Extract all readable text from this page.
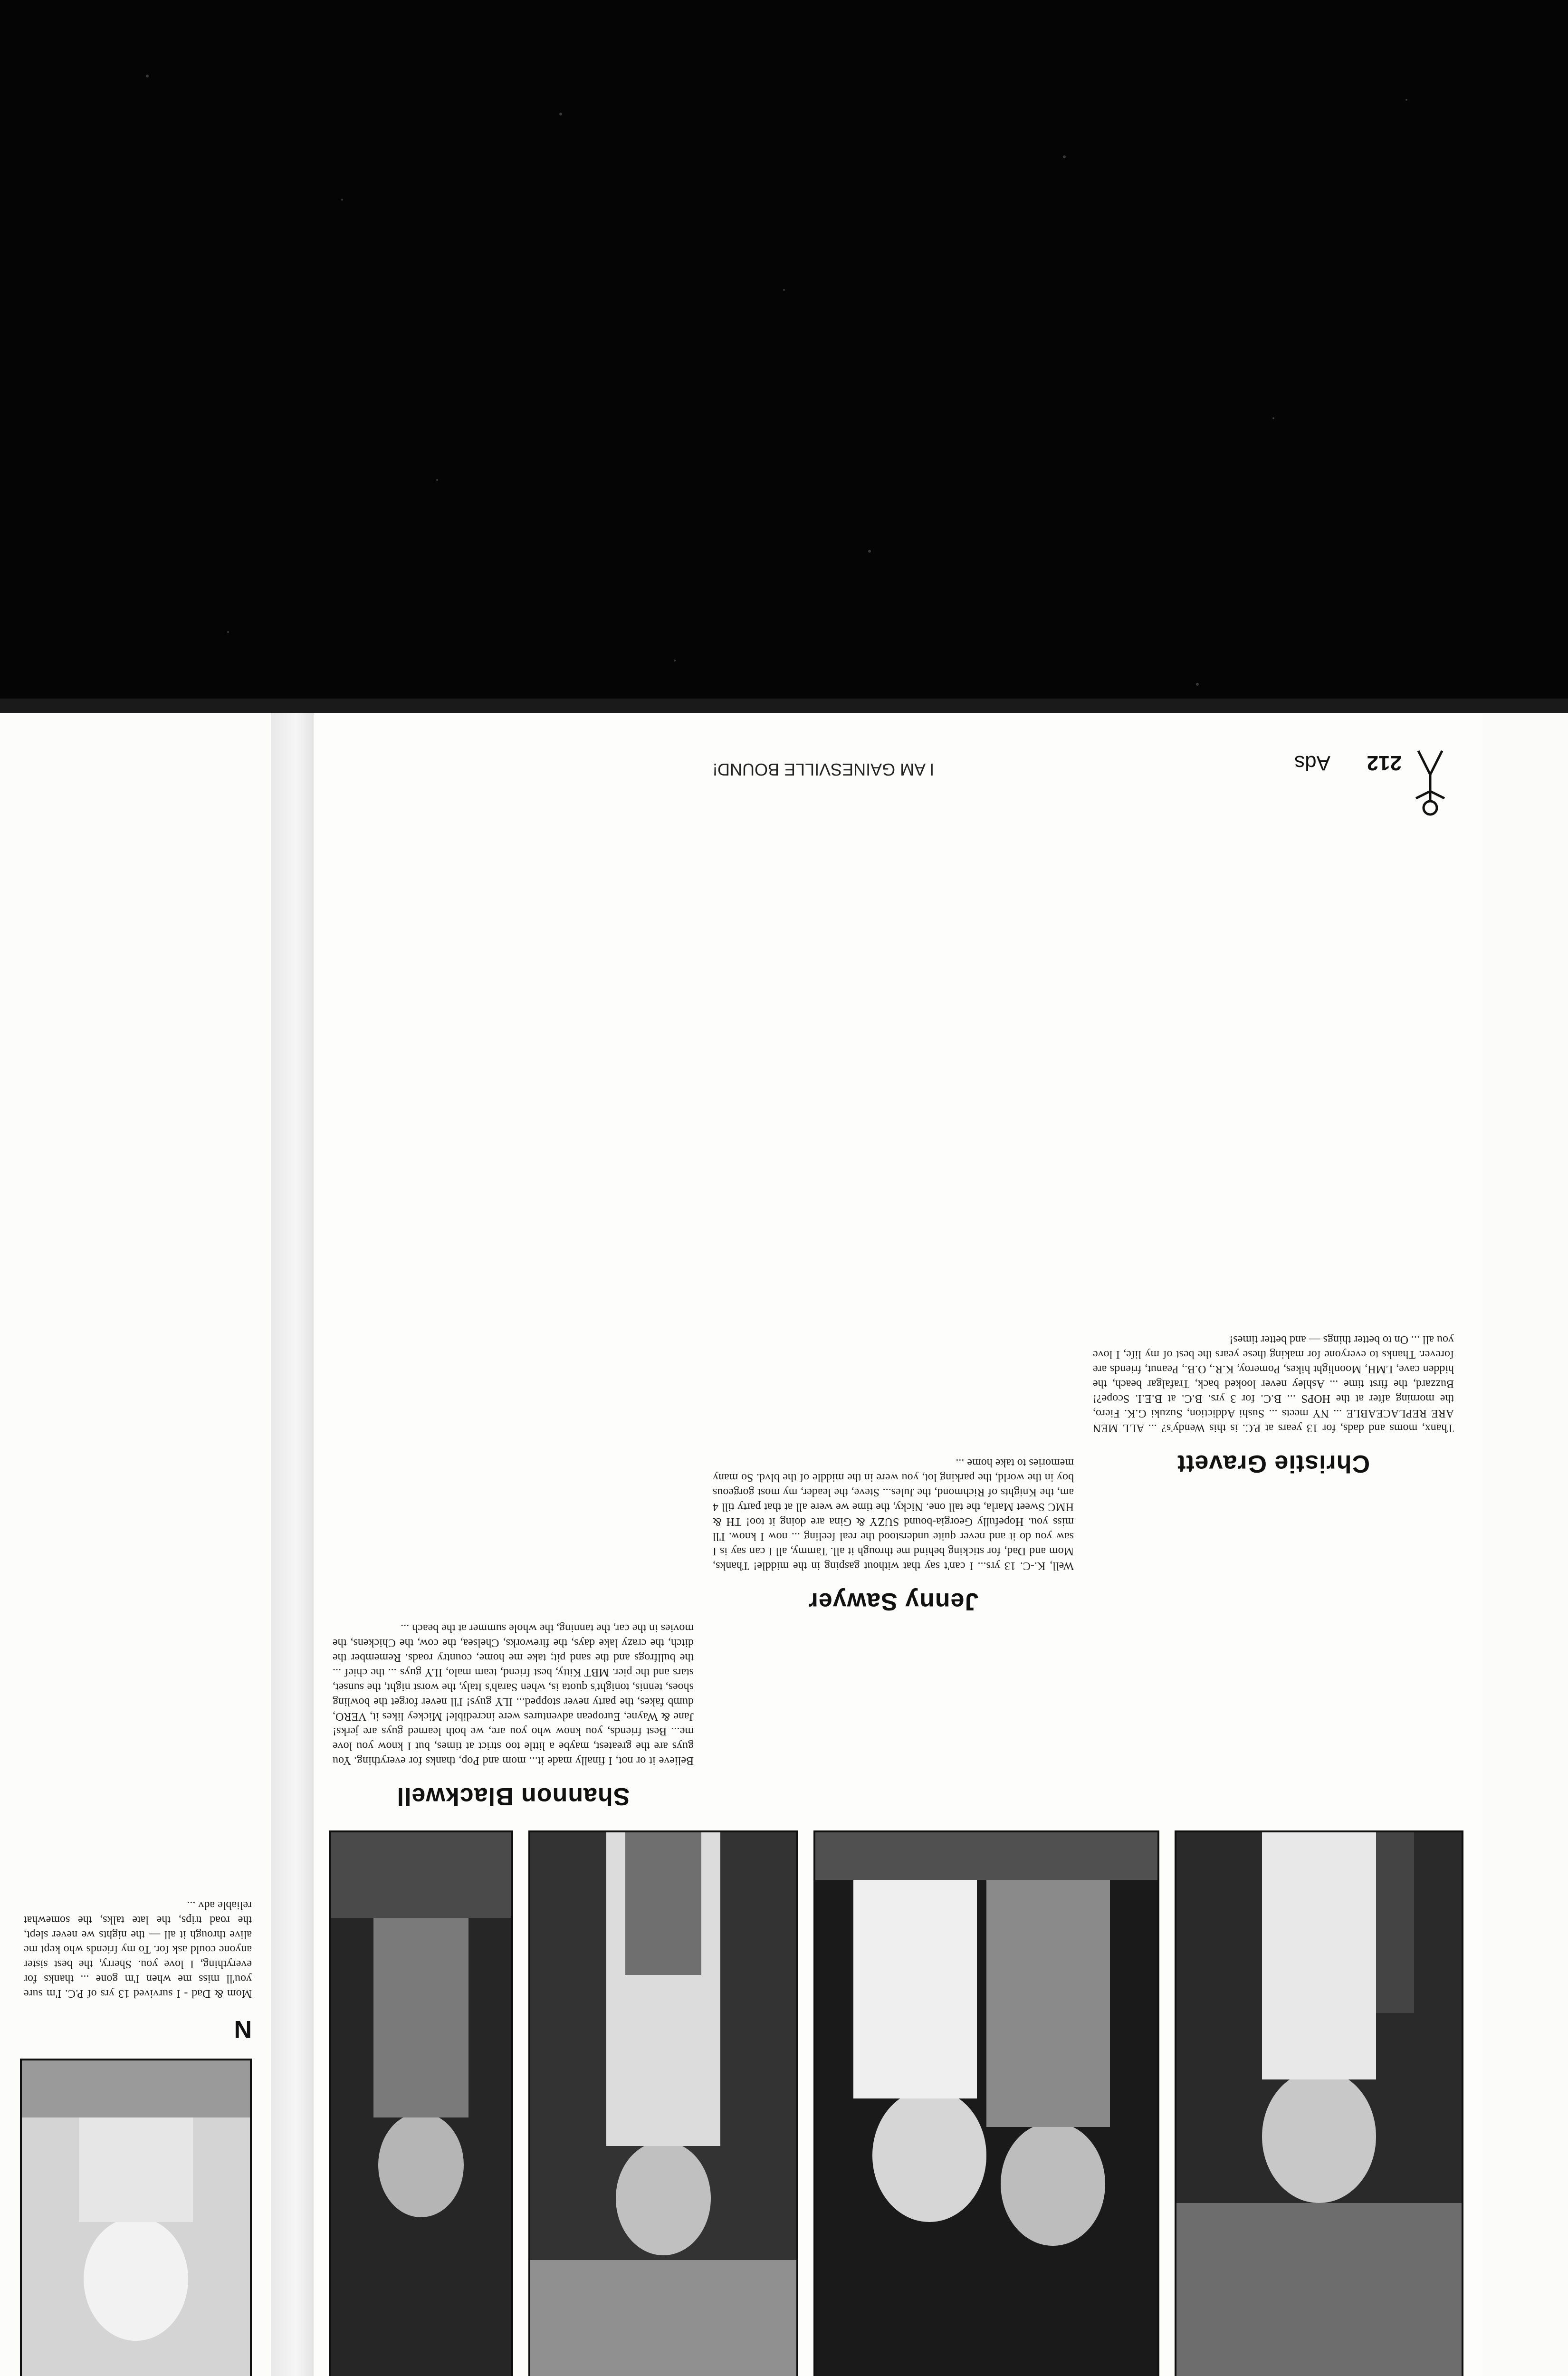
Shannon Blackwell
Jenny Sawyer
Christie Gravett

Believe it or not, I finally made it... mom and Pop, thanks for everything. You guys are the greatest, maybe a little too strict at times, but I know you love me... Best friends, you know who you are, we both learned guys are jerks! Jane & Wayne, European adventures were incredible! Mickey likes it, VERO, dumb fakes, the party never stopped... ILY guys! I'll never forget the bowling shoes, tennis, tonight's quota is, when Sarah's Italy, the worst night, the sunset, stars and the pier. MBT Kitty, best friend, team malo, ILY guys ... the chief ... the bullfrogs and the sand pit; take me home, country roads. Remember the ditch, the crazy lake days, the fireworks, Chelsea, the cow, the Chickens, the movies in the car, the tanning, the whole summer at the beach ...

Well, K.-C. 13 yrs... I can't say that without gasping in the middle! Thanks, Mom and Dad, for sticking behind me through it all. Tammy, all I can say is I saw you do it and never quite understood the real feeling ... now I know. I'll miss you. Hopefully Georgia-bound SUZY & Gina are doing it too! TH & HMC Sweet Marla, the tall one. Nicky, the time we were all at that party till 4 am, the Knights of Richmond, the Jules... Steve, the leader, my most gorgeous boy in the world, the parking lot, you were in the middle of the blvd. So many memories to take home ...

I AM GAINESVILLE BOUND!

Thanx, moms and dads, for 13 years at P.C. is this Wendy's? ... ALL MEN ARE REPLACEABLE ... NY meets ... Sushi Addiction, Suzuki G.K. Fiero, the morning after at the HOPS ... B.C. for 3 yrs. B.C. at B.E.I. Scope?! Buzzard, the first time ... Ashley never looked back, Trafalgar beach, the hidden cave, LMH, Moonlight hikes, Pomeroy, K.R., O.B., Peanut, friends are forever. Thanks to everyone for making these years the best of my life, I love you all ... On to better things — and better times!

212
Ads
N

Mom & Dad - I survived 13 yrs of P.C. I'm sure you'll miss me when I'm gone ... thanks for everything, I love you. Sherry, the best sister anyone could ask for. To my friends who kept me alive through it all — the nights we never slept, the road trips, the late talks, the somewhat reliable adv ...
